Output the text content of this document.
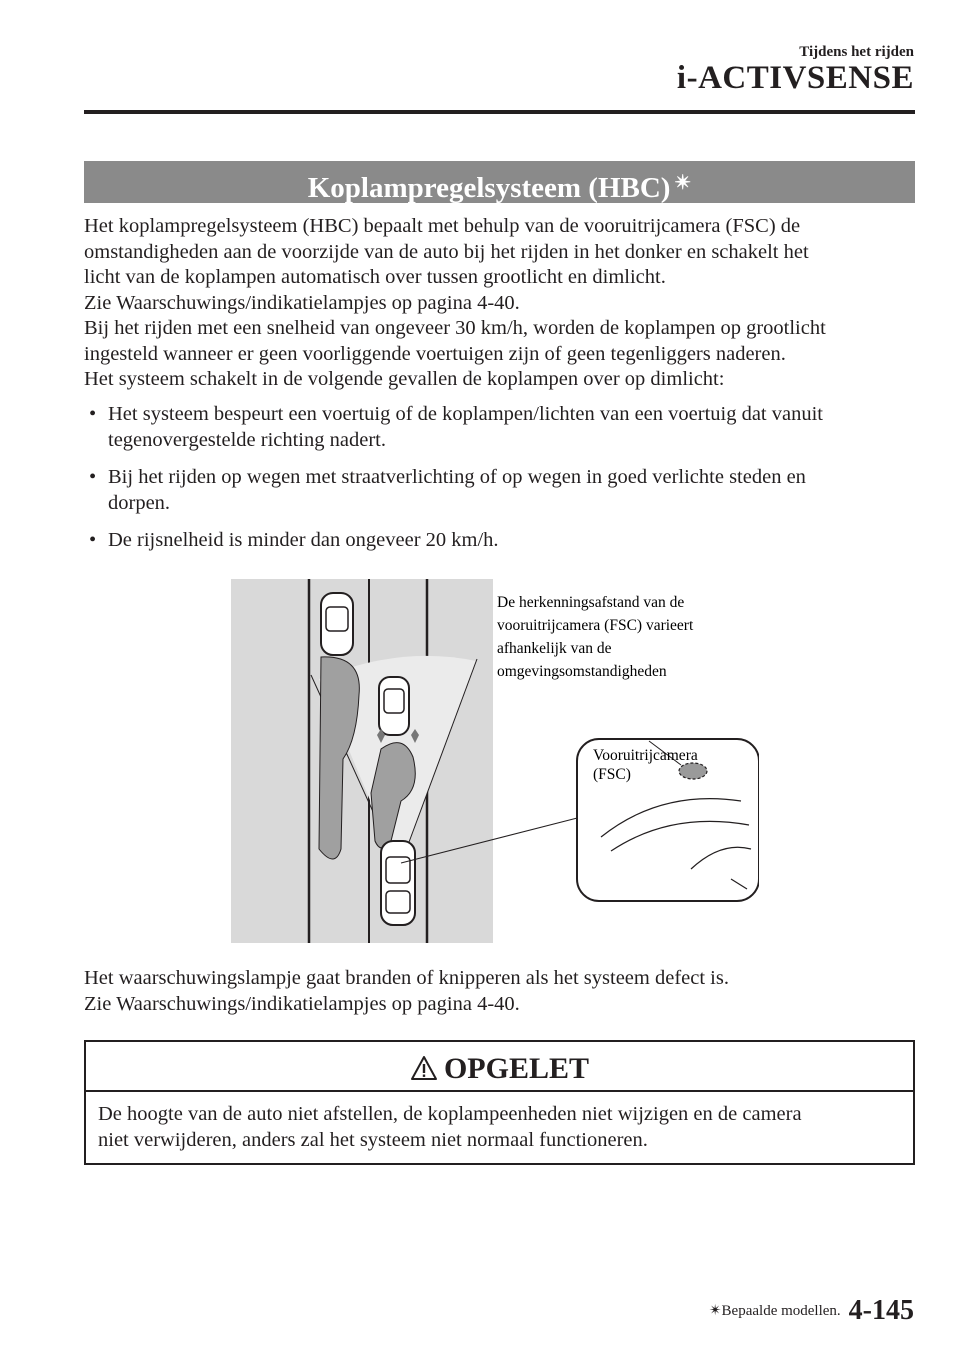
Tijdens het rijden
i-ACTIVSENSE
Koplampregelsysteem (HBC) ✴

Het koplampregelsysteem (HBC) bepaalt met behulp van de vooruitrijcamera (FSC) de

omstandigheden aan de voorzijde van de auto bij het rijden in het donker en schakelt het

licht van de koplampen automatisch over tussen grootlicht en dimlicht.

Zie Waarschuwings/indikatielampjes op pagina 4-40.

Bij het rijden met een snelheid van ongeveer 30 km/h, worden de koplampen op grootlicht

ingesteld wanneer er geen voorliggende voertuigen zijn of geen tegenliggers naderen.

Het systeem schakelt in de volgende gevallen de koplampen over op dimlicht:

• Het systeem bespeurt een voertuig of de koplampen/lichten van een voertuig dat vanuit
tegenovergestelde richting nadert.
• Bij het rijden op wegen met straatverlichting of op wegen in goed verlichte steden en
dorpen.
• De rijsnelheid is minder dan ongeveer 20 km/h.
De herkenningsafstand van de
vooruitrijcamera (FSC) varieert
afhankelijk van de
omgevingsomstandigheden
Vooruitrijcamera
(FSC)

Het waarschuwingslampje gaat branden of knipperen als het systeem defect is.

Zie Waarschuwings/indikatielampjes op pagina 4-40.

OPGELET
De hoogte van de auto niet afstellen, de koplampeenheden niet wijzigen en de camera
niet verwijderen, anders zal het systeem niet normaal functioneren.
✴Bepaalde modellen. 4-145
